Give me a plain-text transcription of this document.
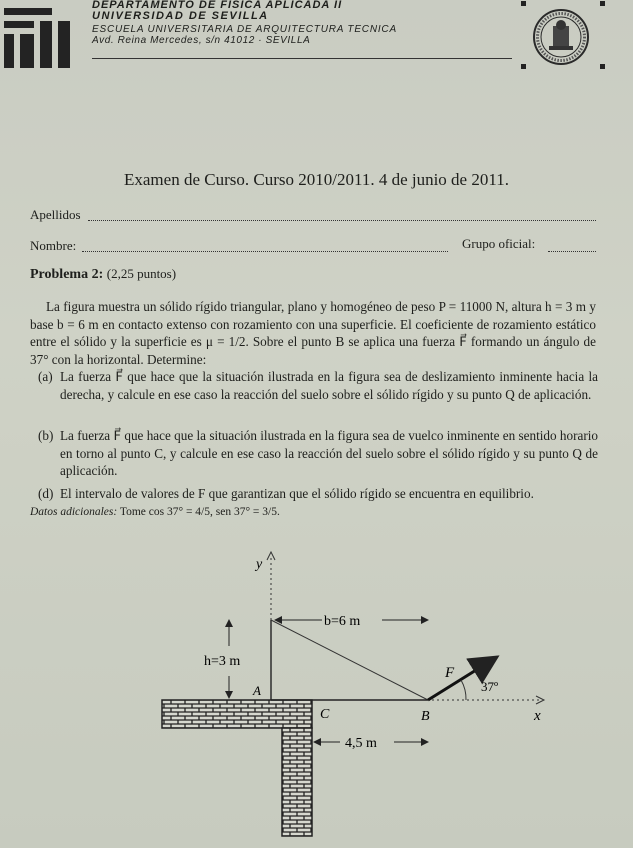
DEPARTAMENTO DE FISICA APLICADA II
UNIVERSIDAD DE SEVILLA
ESCUELA UNIVERSITARIA DE ARQUITECTURA TECNICA
Avd. Reina Mercedes, s/n 41012 · SEVILLA
Examen de Curso. Curso 2010/2011. 4 de junio de 2011.
Apellidos
Nombre:	Grupo oficial:
Problema 2: (2,25 puntos)
La figura muestra un sólido rígido triangular, plano y homogéneo de peso P = 11000 N, altura h = 3 m y base b = 6 m en contacto extenso con rozamiento con una superficie. El coeficiente de rozamiento estático entre el sólido y la superficie es μ = 1/2. Sobre el punto B se aplica una fuerza F⃗ formando un ángulo de 37° con la horizontal. Determine:
(a) La fuerza F⃗ que hace que la situación ilustrada en la figura sea de deslizamiento inminente hacia la derecha, y calcule en ese caso la reacción del suelo sobre el sólido rígido y su punto Q de aplicación.
(b) La fuerza F⃗ que hace que la situación ilustrada en la figura sea de vuelco inminente en sentido horario en torno al punto C, y calcule en ese caso la reacción del suelo sobre el sólido rígido y su punto Q de aplicación.
(d) El intervalo de valores de F que garantizan que el sólido rígido se encuentra en equilibrio.
Datos adicionales: Tome cos 37° = 4/5, sen 37° = 3/5.
y
x
b=6 m
h=3 m
A
C	B
F⃗
37º
4,5 m
